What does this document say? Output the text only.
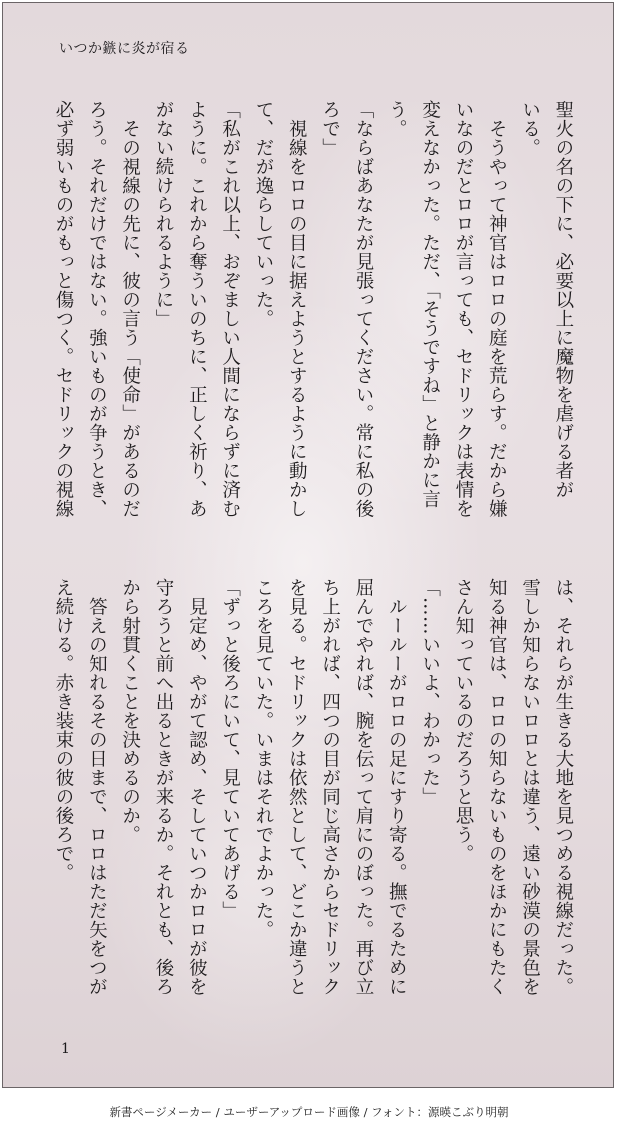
いつか鏃に炎が宿る
聖火の名の下に、必要以上に魔物を虐げる者が
いる。
　そうやって神官はロロの庭を荒らす。だから嫌
いなのだとロロが言っても、セドリックは表情を
変えなかった。ただ、「そうですね」と静かに言
う。
「ならばあなたが見張ってください。常に私の後
ろで」
　視線をロロの目に据えようとするように動かし
て、だが逸らしていった。
「私がこれ以上、おぞましい人間にならずに済む
ように。これから奪ういのちに、正しく祈り、あ
がない続けられるように」
　その視線の先に、彼の言う「使命」があるのだ
ろう。それだけではない。強いものが争うとき、
必ず弱いものがもっと傷つく。セドリックの視線
は、それらが生きる大地を見つめる視線だった。
雪しか知らないロロとは違う、遠い砂漠の景色を
知る神官は、ロロの知らないものをほかにもたく
さん知っているのだろうと思う。
「……いいよ、わかった」
　ルールーがロロの足にすり寄る。撫でるために
屈んでやれば、腕を伝って肩にのぼった。再び立
ち上がれば、四つの目が同じ高さからセドリック
を見る。セドリックは依然として、どこか違うと
ころを見ていた。いまはそれでよかった。
「ずっと後ろにいて、見ていてあげる」
　見定め、やがて認め、そしていつかロロが彼を
守ろうと前へ出るときが来るか。それとも、後ろ
から射貫くことを決めるのか。
　答えの知れるその日まで、ロロはただ矢をつが
え続ける。赤き装束の彼の後ろで。
1
新書ページメーカー / ユーザーアップロード画像 / フォント：源暎こぶり明朝
